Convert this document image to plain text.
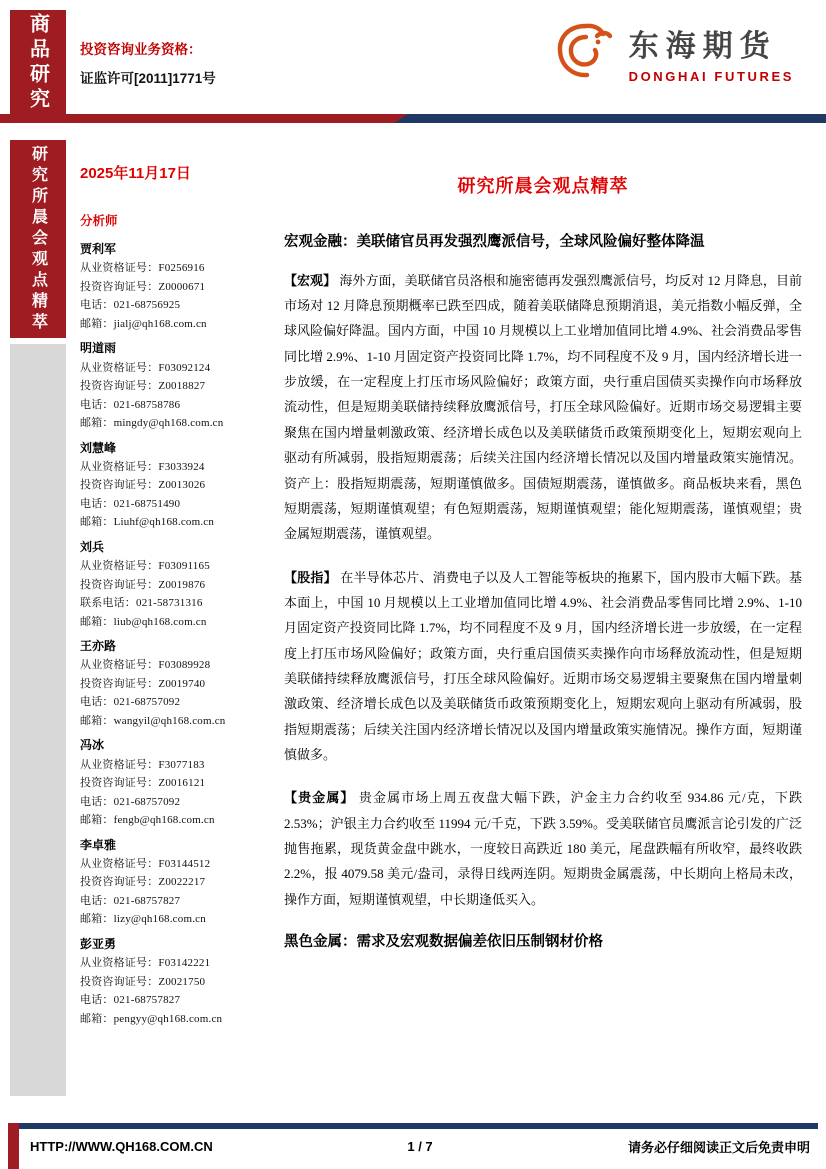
商品研究 投资咨询业务资格：
证监许可[2011]1771号
东海期货
DONGHAI FUTURES
研究所晨会观点精萃 2025年11月17日
分析师
贾利军
从业资格证号：F0256916
投资咨询证号：Z0000671
电话：021-68756925
邮箱：jialj@qh168.com.cn
明道雨
从业资格证号：F03092124
投资咨询证号：Z0018827
电话：021-68758786
邮箱：mingdy@qh168.com.cn
刘慧峰
从业资格证号：F3033924
投资咨询证号：Z0013026
电话：021-68751490
邮箱：Liuhf@qh168.com.cn
刘兵
从业资格证号：F03091165
投资咨询证号：Z0019876
联系电话：021-58731316
邮箱：liub@qh168.com.cn
王亦路
从业资格证号：F03089928
投资咨询证号：Z0019740
电话：021-68757092
邮箱：wangyil@qh168.com.cn
冯冰
从业资格证号：F3077183
投资咨询证号：Z0016121
电话：021-68757092
邮箱：fengb@qh168.com.cn
李卓雅
从业资格证号：F03144512
投资咨询证号：Z0022217
电话：021-68757827
邮箱：lizy@qh168.com.cn
彭亚勇
从业资格证号：F03142221
投资咨询证号：Z0021750
电话：021-68757827
邮箱：pengyy@qh168.com.cn
研究所晨会观点精萃
宏观金融：美联储官员再发强烈鹰派信号，全球风险偏好整体降温

【宏观】 海外方面，美联储官员洛根和施密德再发强烈鹰派信号，均反对 12 月降息，目前市场对 12 月降息预期概率已跌至四成，随着美联储降息预期消退，美元指数小幅反弹，全球风险偏好降温。国内方面，中国 10 月规模以上工业增加值同比增 4.9%、社会消费品零售同比增 2.9%、1-10 月固定资产投资同比降 1.7%，均不同程度不及 9 月，国内经济增长进一步放缓，在一定程度上打压市场风险偏好；政策方面，央行重启国债买卖操作向市场释放流动性，但是短期美联储持续释放鹰派信号，打压全球风险偏好。近期市场交易逻辑主要聚焦在国内增量刺激政策、经济增长成色以及美联储货币政策预期变化上，短期宏观向上驱动有所减弱，股指短期震荡；后续关注国内经济增长情况以及国内增量政策实施情况。资产上：股指短期震荡，短期谨慎做多。国债短期震荡，谨慎做多。商品板块来看，黑色短期震荡，短期谨慎观望；有色短期震荡，短期谨慎观望；能化短期震荡，谨慎观望；贵金属短期震荡，谨慎观望。

【股指】 在半导体芯片、消费电子以及人工智能等板块的拖累下，国内股市大幅下跌。基本面上，中国 10 月规模以上工业增加值同比增 4.9%、社会消费品零售同比增 2.9%、1-10 月固定资产投资同比降 1.7%，均不同程度不及 9 月，国内经济增长进一步放缓，在一定程度上打压市场风险偏好；政策方面，央行重启国债买卖操作向市场释放流动性，但是短期美联储持续释放鹰派信号，打压全球风险偏好。近期市场交易逻辑主要聚焦在国内增量刺激政策、经济增长成色以及美联储货币政策预期变化上，短期宏观向上驱动有所减弱，股指短期震荡；后续关注国内经济增长情况以及国内增量政策实施情况。操作方面，短期谨慎做多。

【贵金属】 贵金属市场上周五夜盘大幅下跌，沪金主力合约收至 934.86 元/克，下跌 2.53%；沪银主力合约收至 11994 元/千克，下跌 3.59%。受美联储官员鹰派言论引发的广泛抛售拖累，现货黄金盘中跳水，一度较日高跌近 180 美元，尾盘跌幅有所收窄，最终收跌 2.2%，报 4079.58 美元/盎司，录得日线两连阴。短期贵金属震荡，中长期向上格局未改，操作方面，短期谨慎观望，中长期逢低买入。

黑色金属：需求及宏观数据偏差依旧压制钢材价格
HTTP://WWW.QH168.COM.CN	1 / 7	请务必仔细阅读正文后免责申明
